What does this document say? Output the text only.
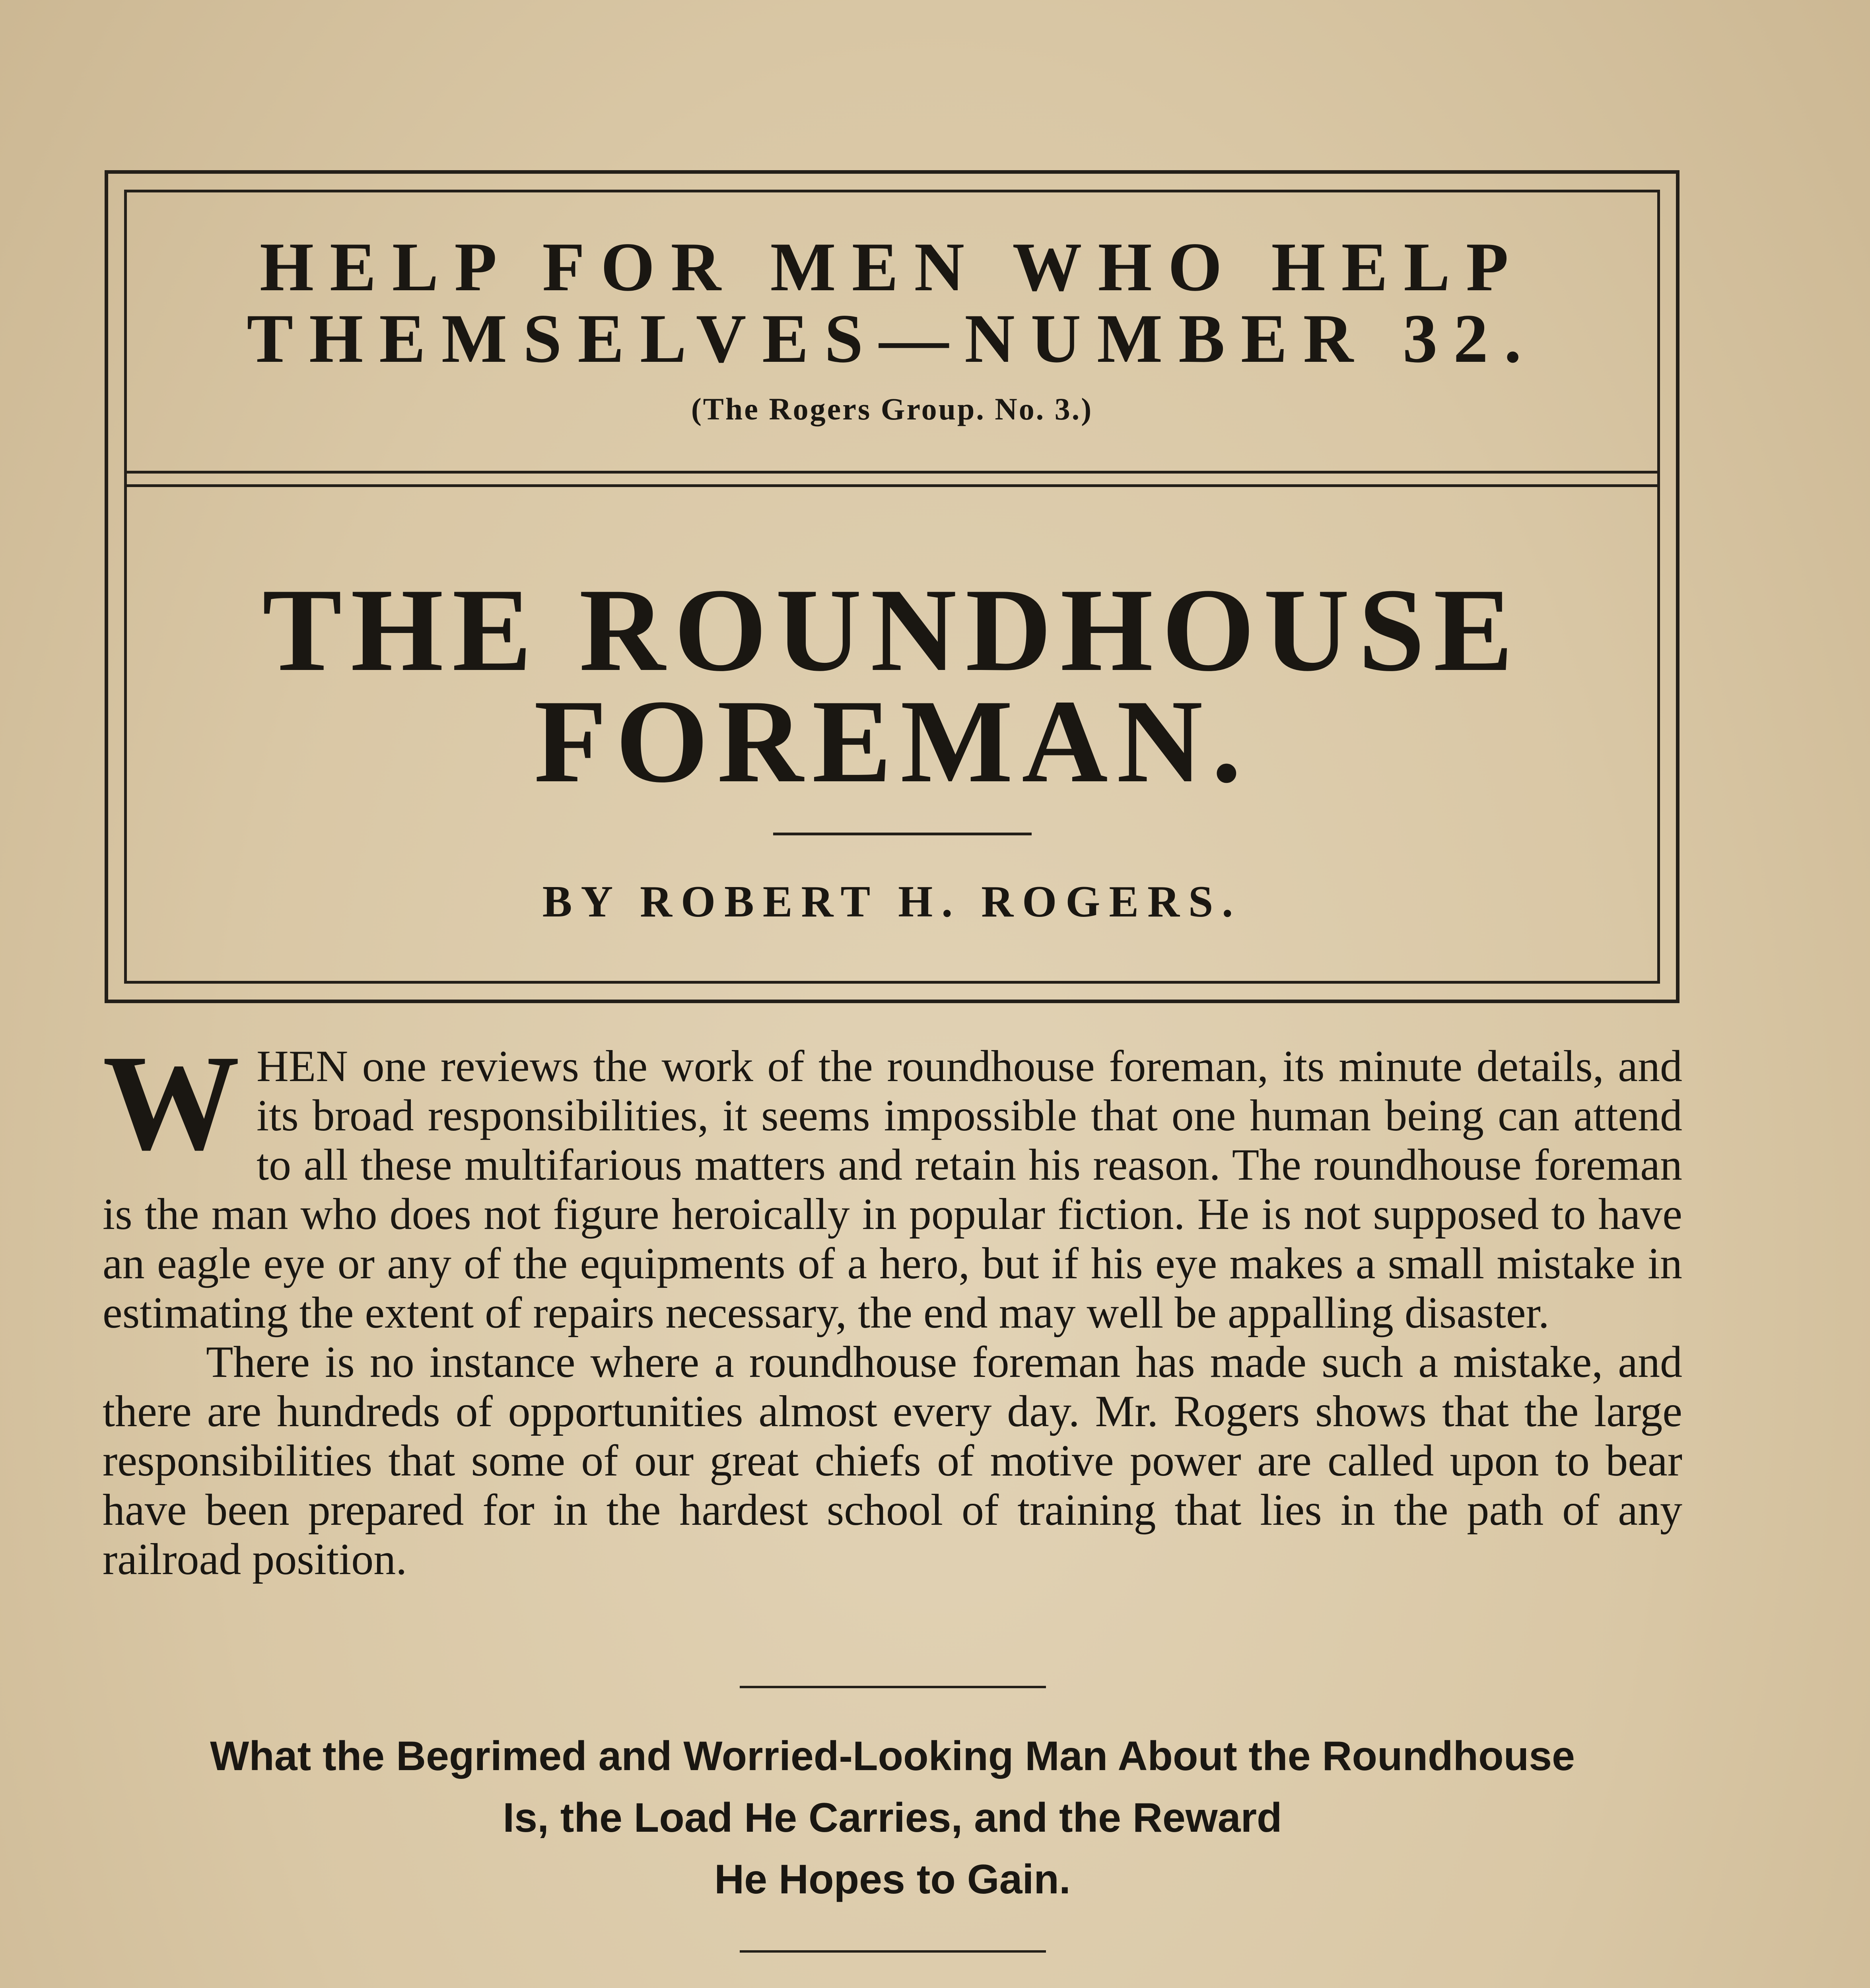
HELP FOR MEN WHO HELP
THEMSELVES—NUMBER 32.
(The Rogers Group. No. 3.)
THE ROUNDHOUSE
FOREMAN.
BY ROBERT H. ROGERS.

WHEN one reviews the work of the roundhouse foreman, its minute details, and its broad responsibilities, it seems impossible that one human being can attend to all these multifarious matters and retain his reason. The roundhouse foreman is the man who does not figure heroically in popular fiction. He is not supposed to have an eagle eye or any of the equipments of a hero, but if his eye makes a small mistake in estimating the extent of repairs necessary, the end may well be appalling disaster.

There is no instance where a roundhouse foreman has made such a mistake, and there are hundreds of opportunities almost every day. Mr. Rogers shows that the large responsibilities that some of our great chiefs of motive power are called upon to bear have been prepared for in the hardest school of training that lies in the path of any railroad position.

What the Begrimed and Worried-Looking Man About the Roundhouse
Is, the Load He Carries, and the Reward
He Hopes to Gain.
